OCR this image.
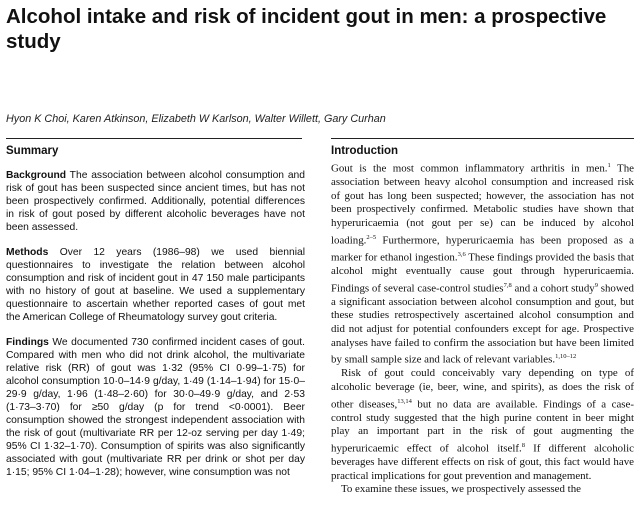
Alcohol intake and risk of incident gout in men: a prospective study
Hyon K Choi, Karen Atkinson, Elizabeth W Karlson, Walter Willett, Gary Curhan
Summary

Background The association between alcohol consumption and risk of gout has been suspected since ancient times, but has not been prospectively confirmed. Additionally, potential differences in risk of gout posed by different alcoholic beverages have not been assessed.

Methods Over 12 years (1986–98) we used biennial questionnaires to investigate the relation between alcohol consumption and risk of incident gout in 47 150 male participants with no history of gout at baseline. We used a supplementary questionnaire to ascertain whether reported cases of gout met the American College of Rheumatology survey gout criteria.

Findings We documented 730 confirmed incident cases of gout. Compared with men who did not drink alcohol, the multivariate relative risk (RR) of gout was 1·32 (95% CI 0·99–1·75) for alcohol consumption 10·0–14·9 g/day, 1·49 (1·14–1·94) for 15·0–29·9 g/day, 1·96 (1·48–2·60) for 30·0–49·9 g/day, and 2·53 (1·73–3·70) for ≥50 g/day (p for trend <0·0001). Beer consumption showed the strongest independent association with the risk of gout (multivariate RR per 12-oz serving per day 1·49; 95% CI 1·32–1·70). Consumption of spirits was also significantly associated with gout (multivariate RR per drink or shot per day 1·15; 95% CI 1·04–1·28); however, wine consumption was not

Introduction

Gout is the most common inflammatory arthritis in men.$^1$ The association between heavy alcohol consumption and increased risk of gout has long been suspected; however, the association has not been prospectively confirmed. Metabolic studies have shown that hyperuricaemia (not gout per se) can be induced by alcohol loading.$^{2-5}$ Furthermore, hyperuricaemia has been proposed as a marker for ethanol ingestion.$^{3,6}$ These findings provided the basis that alcohol might eventually cause gout through hyperuricaemia. Findings of several case-control studies$^{7,8}$ and a cohort study$^9$ showed a significant association between alcohol consumption and gout, but these studies retrospectively ascertained alcohol consumption and did not adjust for potential confounders except for age. Prospective analyses have failed to confirm the association but have been limited by small sample size and lack of relevant variables.$^{1,10-12}$

Risk of gout could conceivably vary depending on type of alcoholic beverage (ie, beer, wine, and spirits), as does the risk of other diseases,$^{13,14}$ but no data are available. Findings of a case-control study suggested that the high purine content in beer might play an important part in the risk of gout augmenting the hyperuricaemic effect of alcohol itself.$^8$ If different alcoholic beverages have different effects on risk of gout, this fact would have practical implications for gout prevention and management.

To examine these issues, we prospectively assessed the
